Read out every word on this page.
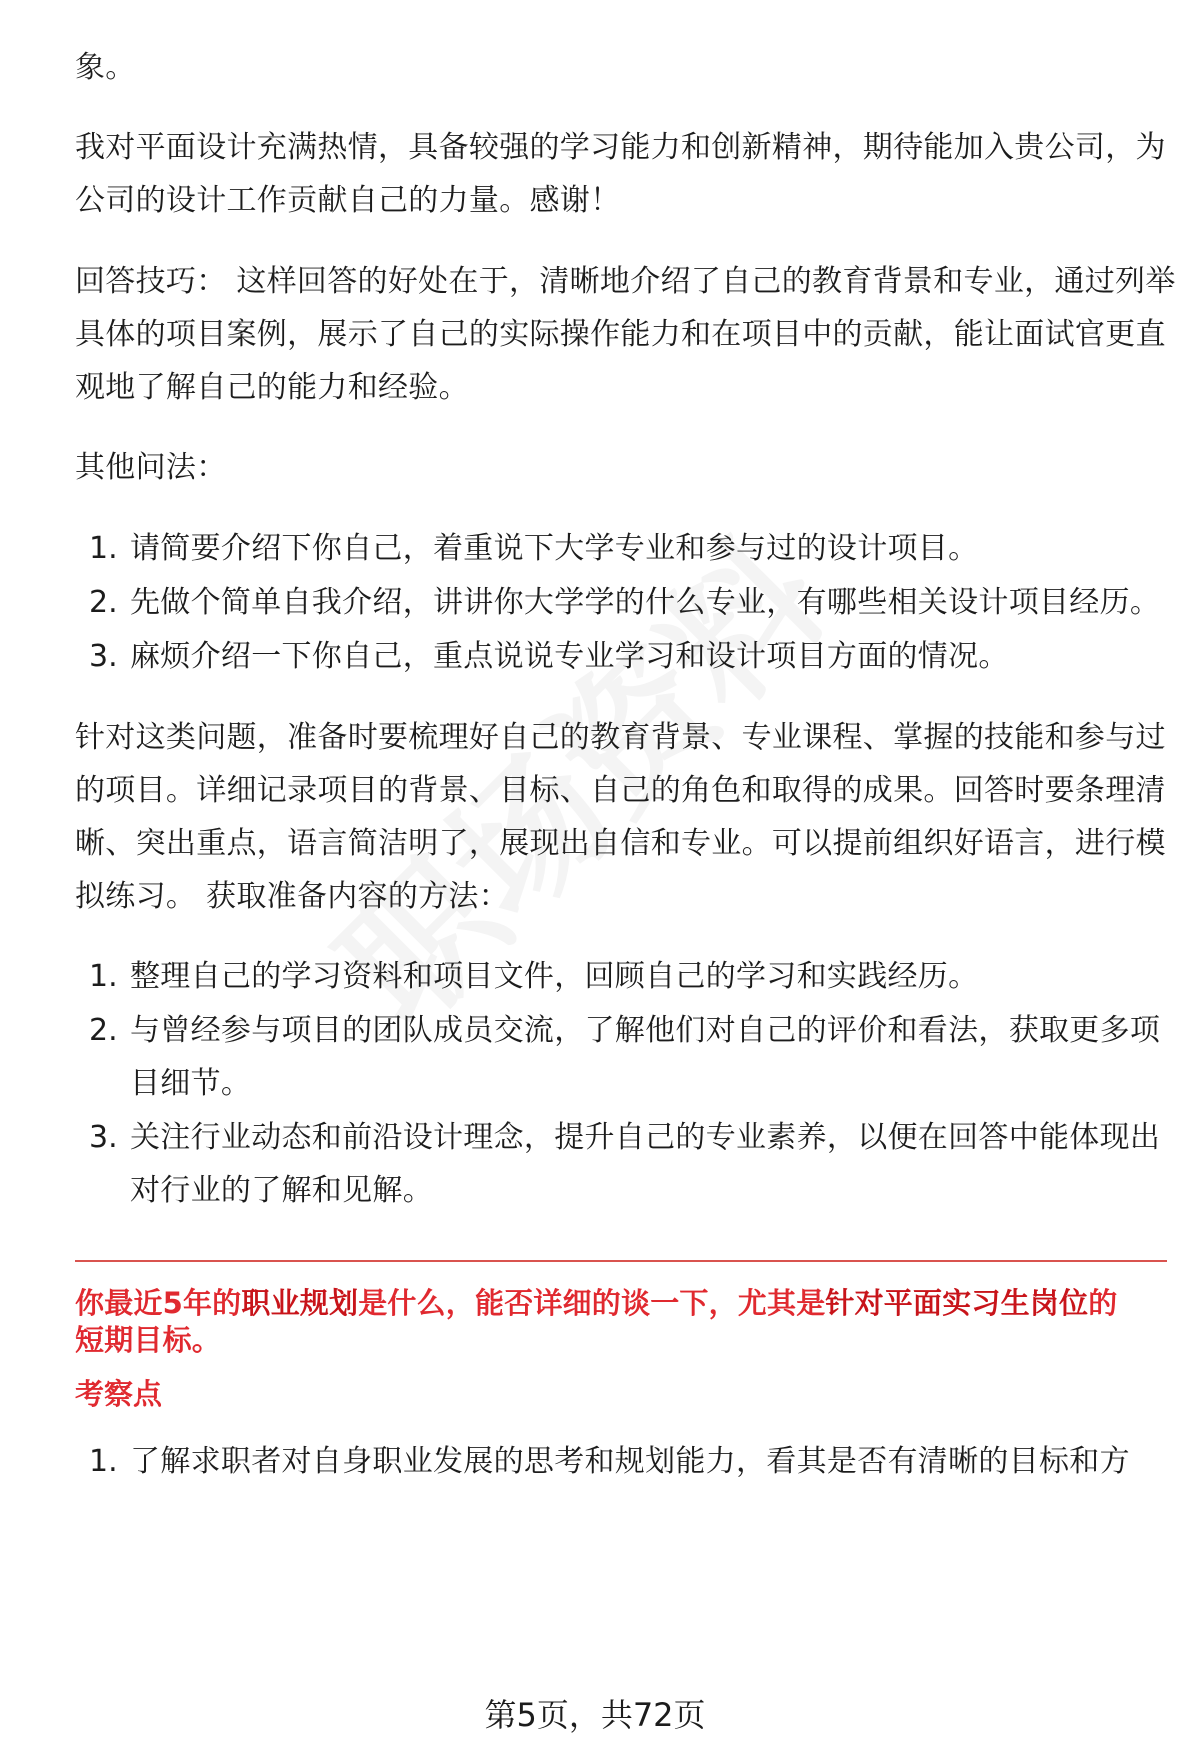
象。
我对平面设计充满热情，具备较强的学习能力和创新精神，期待能加入贵公司，为
公司的设计工作贡献自己的力量。感谢！
回答技巧： 这样回答的好处在于，清晰地介绍了自己的教育背景和专业，通过列举
具体的项目案例，展示了自己的实际操作能力和在项目中的贡献，能让面试官更直
观地了解自己的能力和经验。
其他问法：
1. 请简要介绍下你自己，着重说下大学专业和参与过的设计项目。
2. 先做个简单自我介绍，讲讲你大学学的什么专业，有哪些相关设计项目经历。
3. 麻烦介绍一下你自己，重点说说专业学习和设计项目方面的情况。
针对这类问题，准备时要梳理好自己的教育背景、专业课程、掌握的技能和参与过
的项目。详细记录项目的背景、目标、自己的角色和取得的成果。回答时要条理清
晰、突出重点，语言简洁明了，展现出自信和专业。可以提前组织好语言，进行模
拟练习。 获取准备内容的方法：
1. 整理自己的学习资料和项目文件，回顾自己的学习和实践经历。
2. 与曾经参与项目的团队成员交流，了解他们对自己的评价和看法，获取更多项
目细节。
3. 关注行业动态和前沿设计理念，提升自己的专业素养，以便在回答中能体现出
对行业的了解和见解。
你最近5年的职业规划是什么，能否详细的谈一下，尤其是针对平面实习生岗位的
短期目标。
考察点
1. 了解求职者对自身职业发展的思考和规划能力，看其是否有清晰的目标和方
第5页，共72页
